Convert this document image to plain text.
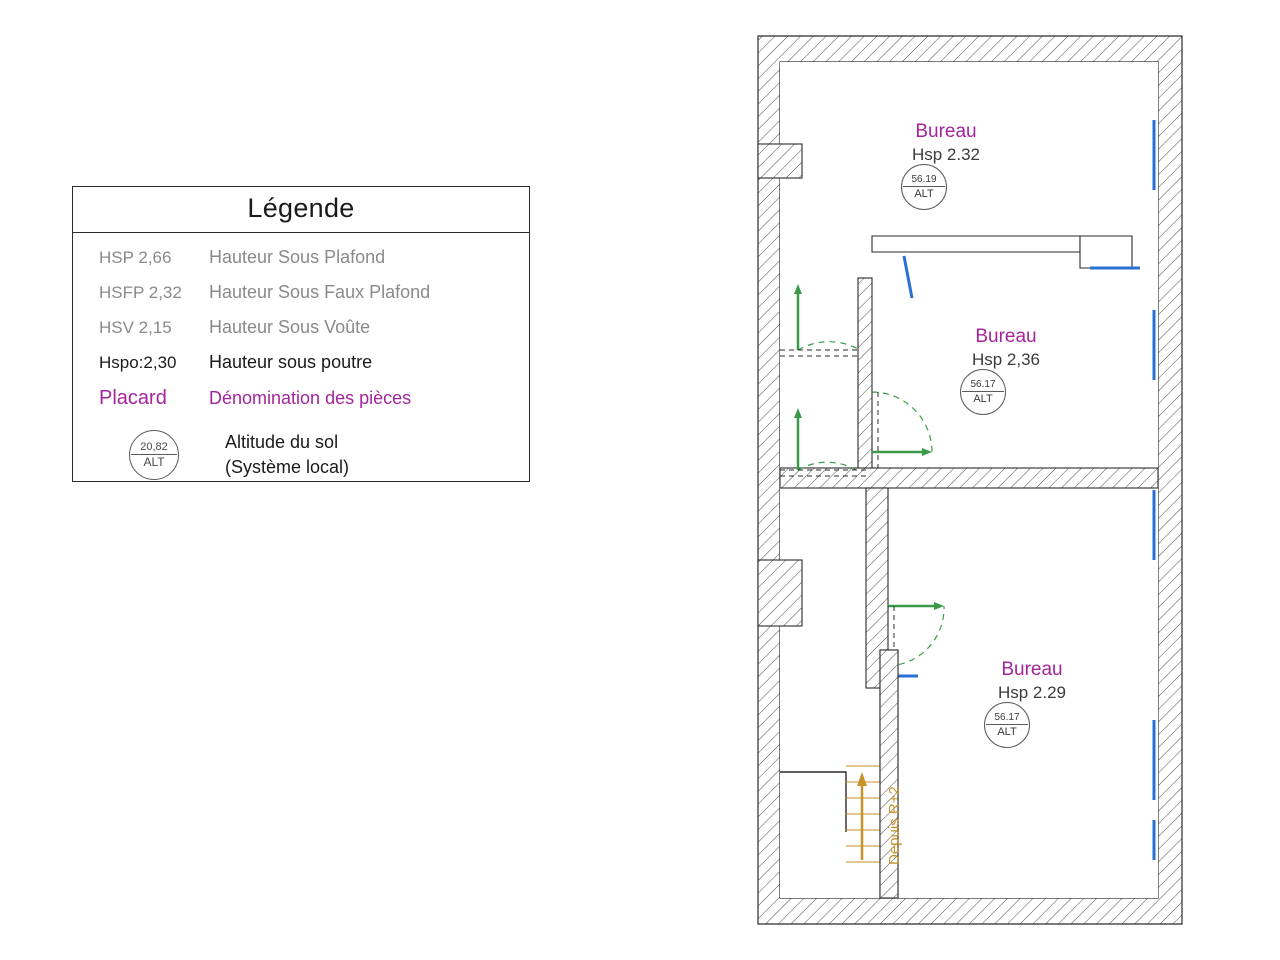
Légende
HSP 2,66	Hauteur Sous Plafond
HSFP 2,32	Hauteur Sous Faux Plafond
HSV 2,15	Hauteur Sous Voûte
Hspo:2,30	Hauteur sous poutre
Placard	Dénomination des pièces
20,82
ALT
Altitude du sol
(Système local)
Bureau
Hsp 2.32
56.19
ALT
Bureau
Hsp 2,36
56.17
ALT
Bureau
Hsp 2.29
56.17
ALT
Depuis R+2
